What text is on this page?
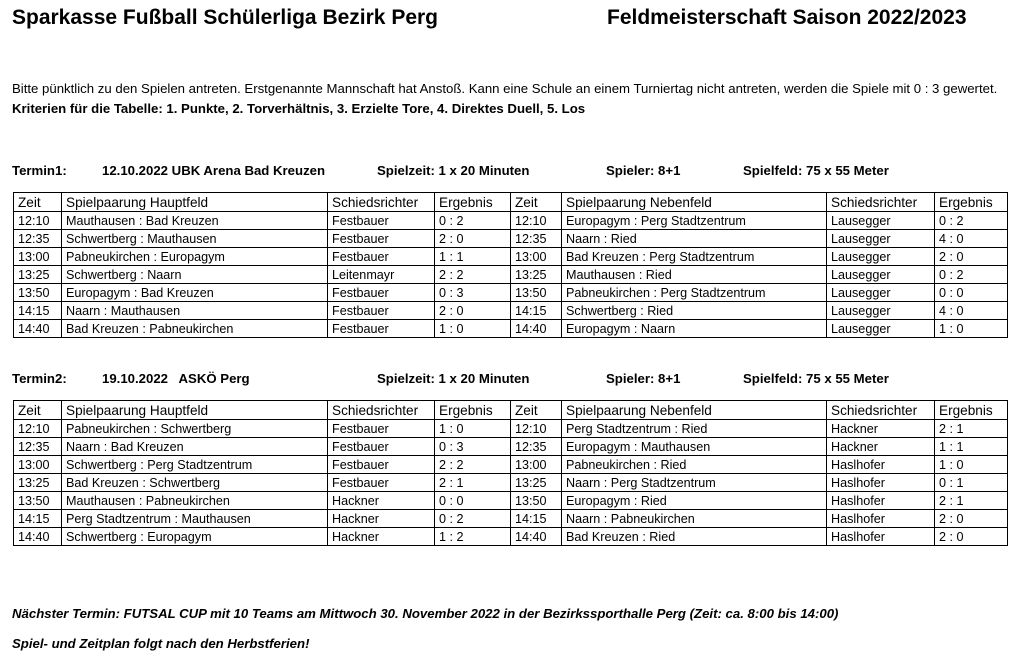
Sparkasse Fußball Schülerliga Bezirk Perg	Feldmeisterschaft Saison 2022/2023
Bitte pünktlich zu den Spielen antreten. Erstgenannte Mannschaft hat Anstoß. Kann eine Schule an einem Turniertag nicht antreten, werden die Spiele mit 0 : 3 gewertet. Kriterien für die Tabelle: 1. Punkte, 2. Torverhältnis, 3. Erzielte Tore, 4. Direktes Duell, 5. Los
Termin1:	12.10.2022 UBK Arena Bad Kreuzen	Spielzeit: 1 x 20 Minuten	Spieler: 8+1	Spielfeld: 75 x 55 Meter
Zeit	Spielpaarung Hauptfeld	Schiedsrichter	Ergebnis	Zeit	Spielpaarung Nebenfeld	Schiedsrichter	Ergebnis
12:10	Mauthausen : Bad Kreuzen	Festbauer	0 : 2	12:10	Europagym : Perg Stadtzentrum	Lausegger	0 : 2
12:35	Schwertberg : Mauthausen	Festbauer	2 : 0	12:35	Naarn : Ried	Lausegger	4 : 0
13:00	Pabneukirchen : Europagym	Festbauer	1 : 1	13:00	Bad Kreuzen : Perg Stadtzentrum	Lausegger	2 : 0
13:25	Schwertberg : Naarn	Leitenmayr	2 : 2	13:25	Mauthausen : Ried	Lausegger	0 : 2
13:50	Europagym : Bad Kreuzen	Festbauer	0 : 3	13:50	Pabneukirchen : Perg Stadtzentrum	Lausegger	0 : 0
14:15	Naarn : Mauthausen	Festbauer	2 : 0	14:15	Schwertberg : Ried	Lausegger	4 : 0
14:40	Bad Kreuzen : Pabneukirchen	Festbauer	1 : 0	14:40	Europagym : Naarn	Lausegger	1 : 0
Termin2:	19.10.2022   ASKÖ Perg	Spielzeit: 1 x 20 Minuten	Spieler: 8+1	Spielfeld: 75 x 55 Meter
Zeit	Spielpaarung Hauptfeld	Schiedsrichter	Ergebnis	Zeit	Spielpaarung Nebenfeld	Schiedsrichter	Ergebnis
12:10	Pabneukirchen : Schwertberg	Festbauer	1 : 0	12:10	Perg Stadtzentrum : Ried	Hackner	2 : 1
12:35	Naarn : Bad Kreuzen	Festbauer	0 : 3	12:35	Europagym : Mauthausen	Hackner	1 : 1
13:00	Schwertberg : Perg Stadtzentrum	Festbauer	2 : 2	13:00	Pabneukirchen : Ried	Haslhofer	1 : 0
13:25	Bad Kreuzen : Schwertberg	Festbauer	2 : 1	13:25	Naarn : Perg Stadtzentrum	Haslhofer	0 : 1
13:50	Mauthausen : Pabneukirchen	Hackner	0 : 0	13:50	Europagym : Ried	Haslhofer	2 : 1
14:15	Perg Stadtzentrum : Mauthausen	Hackner	0 : 2	14:15	Naarn : Pabneukirchen	Haslhofer	2 : 0
14:40	Schwertberg : Europagym	Hackner	1 : 2	14:40	Bad Kreuzen : Ried	Haslhofer	2 : 0
Nächster Termin: FUTSAL CUP mit 10 Teams am Mittwoch 30. November 2022 in der Bezirkssporthalle Perg (Zeit: ca. 8:00 bis 14:00)
Spiel- und Zeitplan folgt nach den Herbstferien!
